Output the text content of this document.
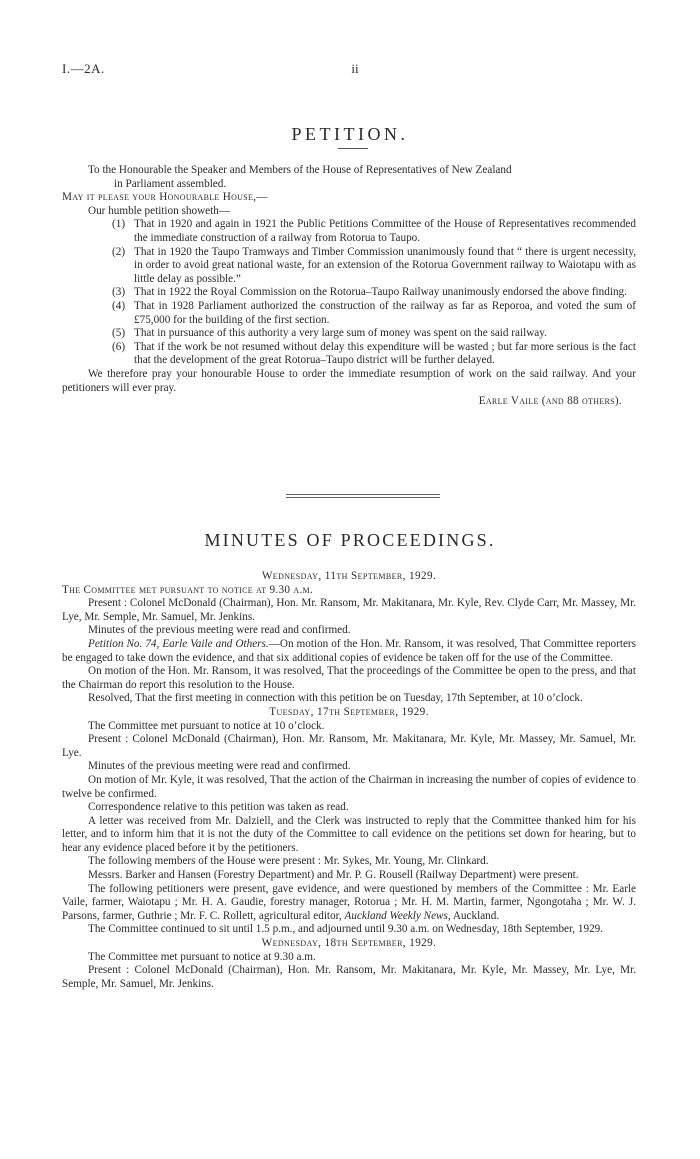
I.—2A.	ii
PETITION.

To the Honourable the Speaker and Members of the House of Representatives of New Zealand

in Parliament assembled.

May it please your Honourable House,—

Our humble petition showeth—

(1) That in 1920 and again in 1921 the Public Petitions Committee of the House of Representatives recommended the immediate construction of a railway from Rotorua to Taupo.
(2) That in 1920 the Taupo Tramways and Timber Commission unanimously found that “ there is urgent necessity, in order to avoid great national waste, for an extension of the Rotorua Government railway to Waiotapu with as little delay as possible.”
(3) That in 1922 the Royal Commission on the Rotorua–Taupo Railway unanimously endorsed the above finding.
(4) That in 1928 Parliament authorized the construction of the railway as far as Reporoa, and voted the sum of £75,000 for the building of the first section.
(5) That in pursuance of this authority a very large sum of money was spent on the said railway.
(6) That if the work be not resumed without delay this expenditure will be wasted ; but far more serious is the fact that the development of the great Rotorua–Taupo district will be further delayed.

We therefore pray your honourable House to order the immediate resumption of work on the said railway. And your petitioners will ever pray.

Earle Vaile (and 88 others).

MINUTES OF PROCEEDINGS.

Wednesday, 11th September, 1929.

The Committee met pursuant to notice at 9.30 a.m.

Present : Colonel McDonald (Chairman), Hon. Mr. Ransom, Mr. Makitanara, Mr. Kyle, Rev. Clyde Carr, Mr. Massey, Mr. Lye, Mr. Semple, Mr. Samuel, Mr. Jenkins.

Minutes of the previous meeting were read and confirmed.

Petition No. 74, Earle Vaile and Others.—On motion of the Hon. Mr. Ransom, it was resolved, That Committee reporters be engaged to take down the evidence, and that six additional copies of evidence be taken off for the use of the Committee.

On motion of the Hon. Mr. Ransom, it was resolved, That the proceedings of the Committee be open to the press, and that the Chairman do report this resolution to the House.

Resolved, That the first meeting in connection with this petition be on Tuesday, 17th September, at 10 o’clock.

Tuesday, 17th September, 1929.

The Committee met pursuant to notice at 10 o’clock.

Present : Colonel McDonald (Chairman), Hon. Mr. Ransom, Mr. Makitanara, Mr. Kyle, Mr. Massey, Mr. Samuel, Mr. Lye.

Minutes of the previous meeting were read and confirmed.

On motion of Mr. Kyle, it was resolved, That the action of the Chairman in increasing the number of copies of evidence to twelve be confirmed.

Correspondence relative to this petition was taken as read.

A letter was received from Mr. Dalziell, and the Clerk was instructed to reply that the Committee thanked him for his letter, and to inform him that it is not the duty of the Committee to call evidence on the petitions set down for hearing, but to hear any evidence placed before it by the petitioners.

The following members of the House were present : Mr. Sykes, Mr. Young, Mr. Clinkard.

Messrs. Barker and Hansen (Forestry Department) and Mr. P. G. Rousell (Railway Department) were present.

The following petitioners were present, gave evidence, and were questioned by members of the Committee : Mr. Earle Vaile, farmer, Waiotapu ; Mr. H. A. Gaudie, forestry manager, Rotorua ; Mr. H. M. Martin, farmer, Ngongotaha ; Mr. W. J. Parsons, farmer, Guthrie ; Mr. F. C. Rollett, agricultural editor, Auckland Weekly News, Auckland.

The Committee continued to sit until 1.5 p.m., and adjourned until 9.30 a.m. on Wednesday, 18th September, 1929.

Wednesday, 18th September, 1929.

The Committee met pursuant to notice at 9.30 a.m.

Present : Colonel McDonald (Chairman), Hon. Mr. Ransom, Mr. Makitanara, Mr. Kyle, Mr. Massey, Mr. Lye, Mr. Semple, Mr. Samuel, Mr. Jenkins.
